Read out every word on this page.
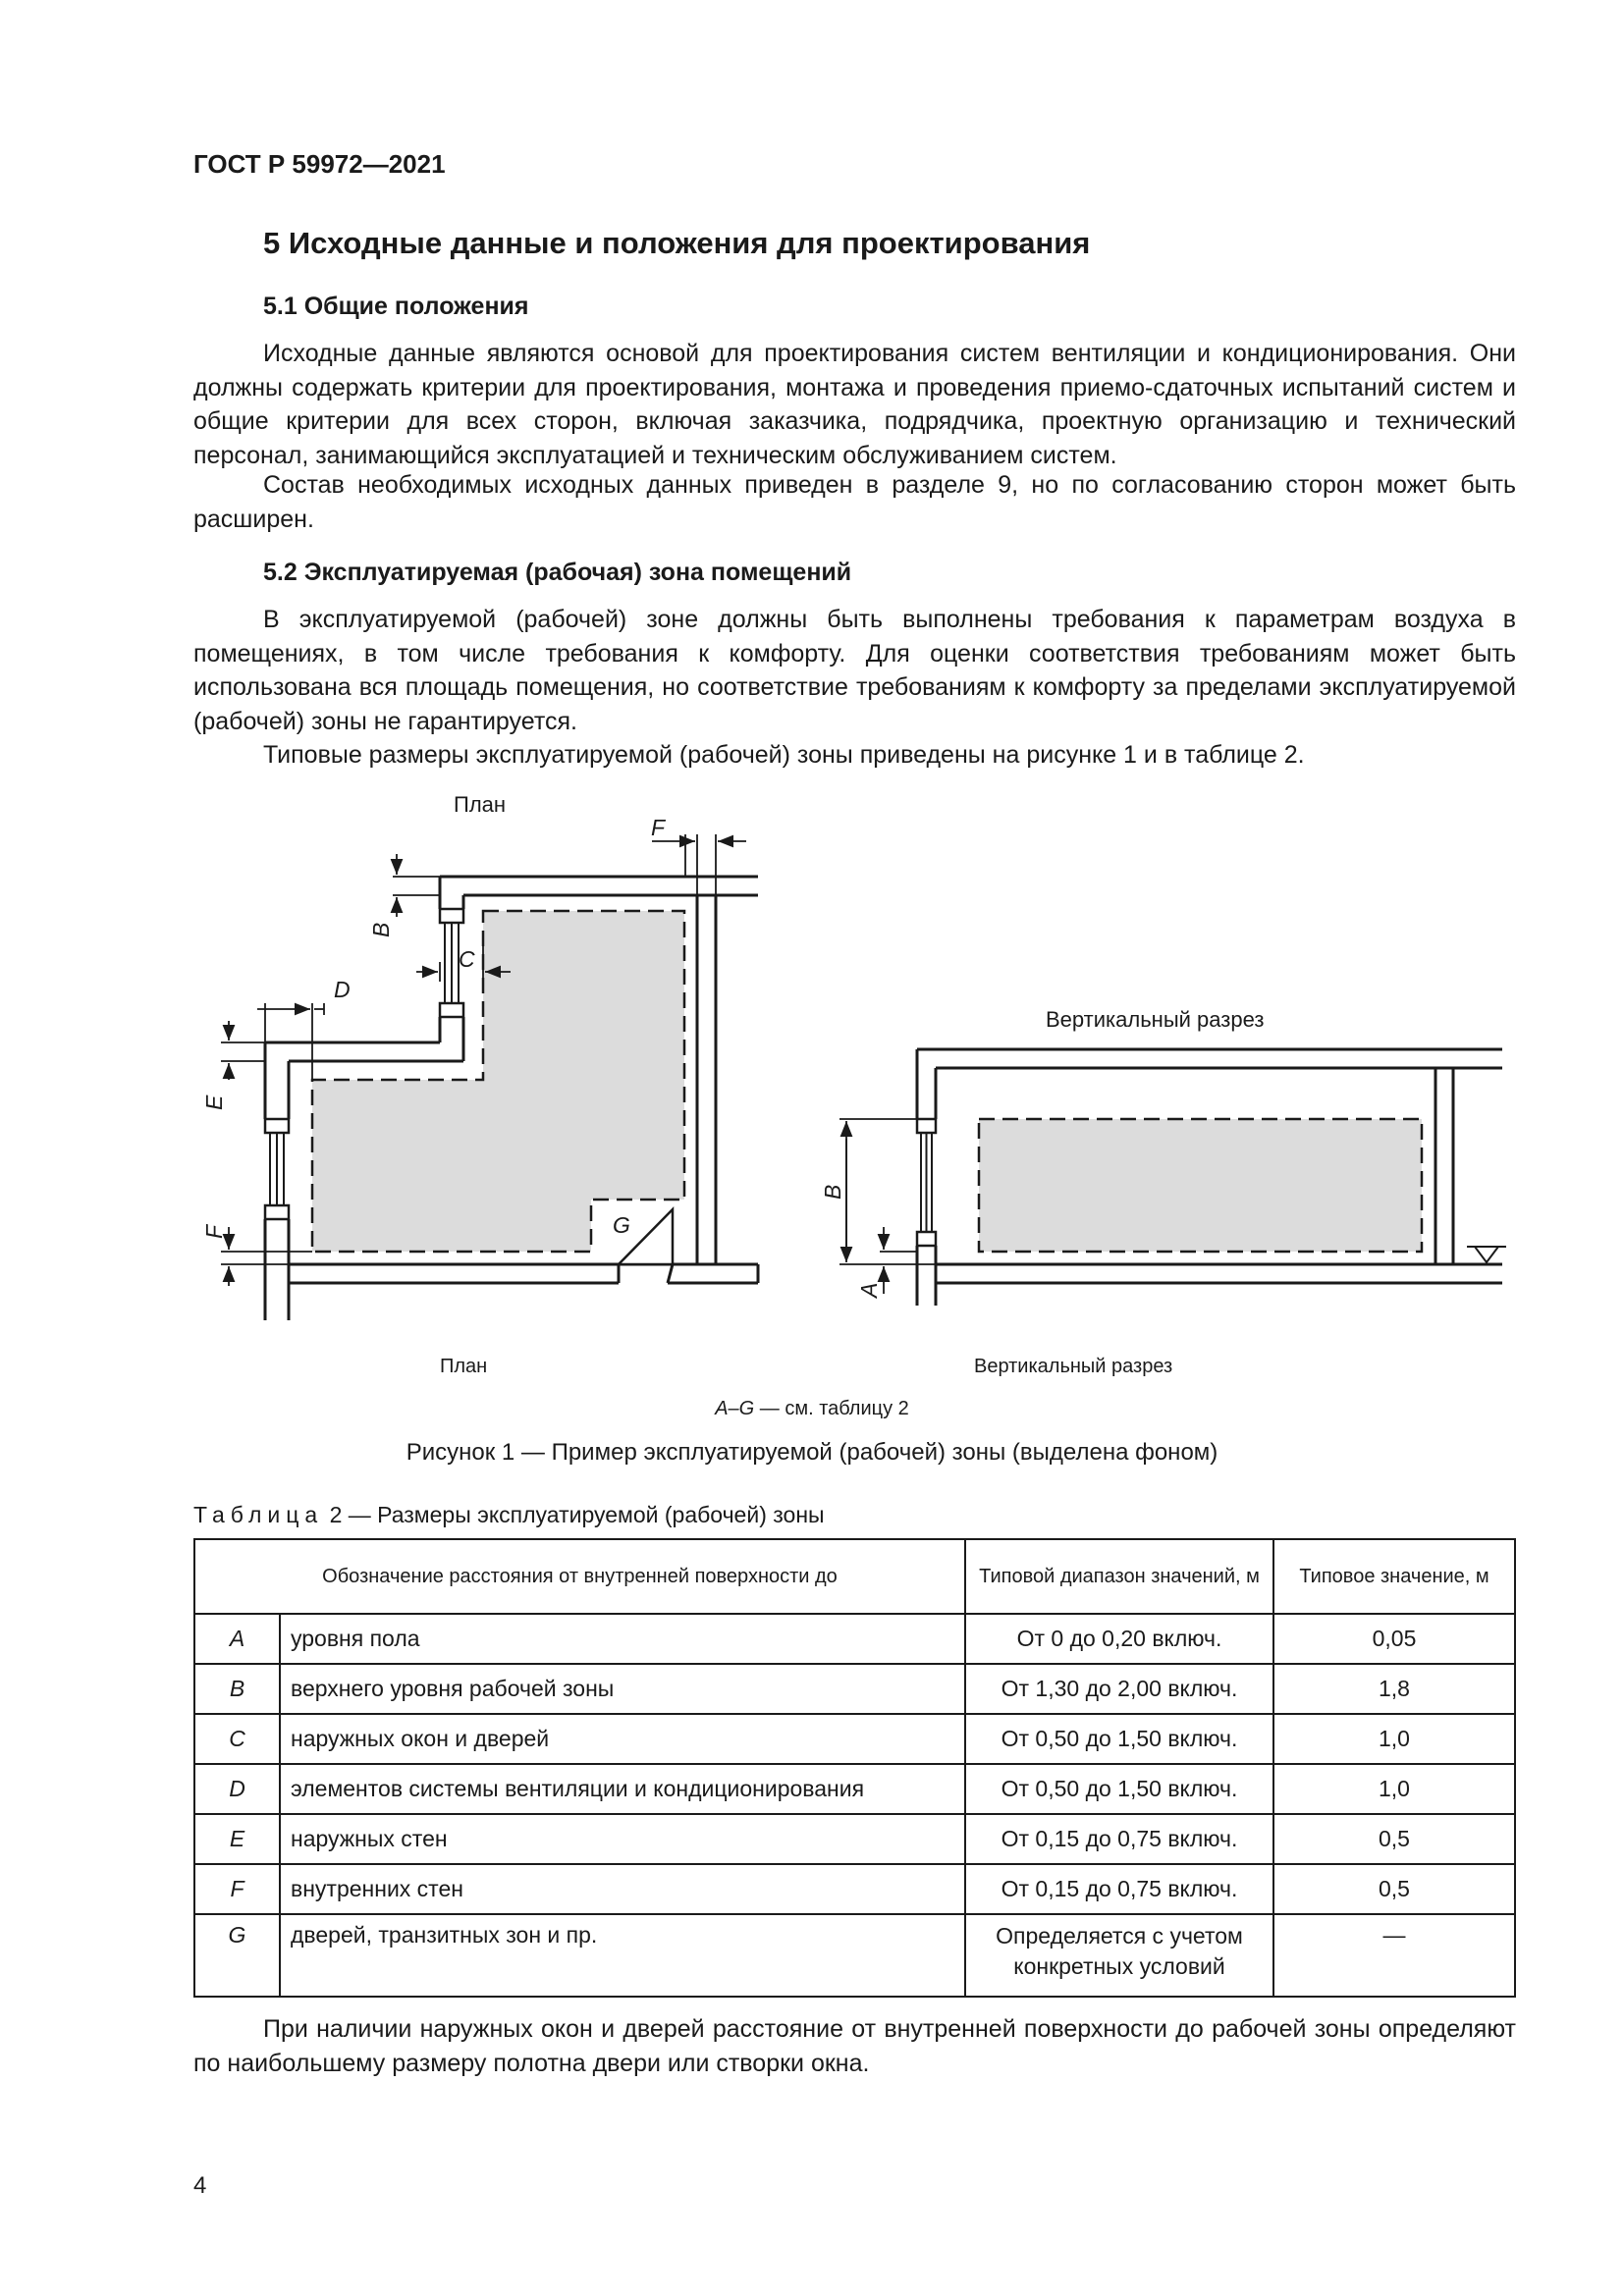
ГОСТ Р 59972—2021
5 Исходные данные и положения для проектирования
5.1 Общие положения

Исходные данные являются основой для проектирования систем вентиляции и кондиционирования. Они должны содержать критерии для проектирования, монтажа и проведения приемо-сдаточных испытаний систем и общие критерии для всех сторон, включая заказчика, подрядчика, проектную организацию и технический персонал, занимающийся эксплуатацией и техническим обслуживанием систем.

Состав необходимых исходных данных приведен в разделе 9, но по согласованию сторон может быть расширен.

5.2 Эксплуатируемая (рабочая) зона помещений

В эксплуатируемой (рабочей) зоне должны быть выполнены требования к параметрам воздуха в помещениях, в том числе требования к комфорту. Для оценки соответствия требованиям может быть использована вся площадь помещения, но соответствие требованиям к комфорту за пределами эксплуатируемой (рабочей) зоны не гарантируется.

Типовые размеры эксплуатируемой (рабочей) зоны приведены на рисунке 1 и в таблице 2.

План
F
B
C
D
E
F	G
Вертикальный разрез
B
A
План	Вертикальный разрез
A–G — см. таблицу 2
Рисунок 1 — Пример эксплуатируемой (рабочей) зоны (выделена фоном)
Таблица 2 — Размеры эксплуатируемой (рабочей) зоны
Обозначение расстояния от внутренней поверхности до		Типовой диапазон значений, м	Типовое значение, м
A	уровня пола	От 0 до 0,20 включ.	0,05
B	верхнего уровня рабочей зоны	От 1,30 до 2,00 включ.	1,8
C	наружных окон и дверей	От 0,50 до 1,50 включ.	1,0
D	элементов системы вентиляции и кондиционирования	От 0,50 до 1,50 включ.	1,0
E	наружных стен	От 0,15 до 0,75 включ.	0,5
F	внутренних стен	От 0,15 до 0,75 включ.	0,5
G	дверей, транзитных зон и пр.	Определяется с учетом конкретных условий	—

При наличии наружных окон и дверей расстояние от внутренней поверхности до рабочей зоны определяют по наибольшему размеру полотна двери или створки окна.

4
